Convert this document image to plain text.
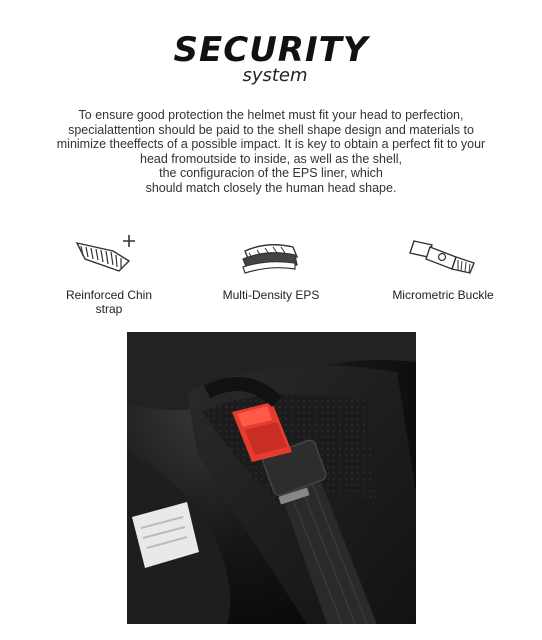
SECURITY
system
To ensure good protection the helmet must fit your head to perfection,
specialattention should be paid to the shell shape design and materials to
minimize theeffects of a possible impact. It is key to obtain a perfect fit to your
head fromoutside to inside, as well as the shell,
the configuracion of the EPS liner, which
should match closely the human head shape.
Reinforced Chin
strap
Multi-Density EPS	Micrometric Buckle
